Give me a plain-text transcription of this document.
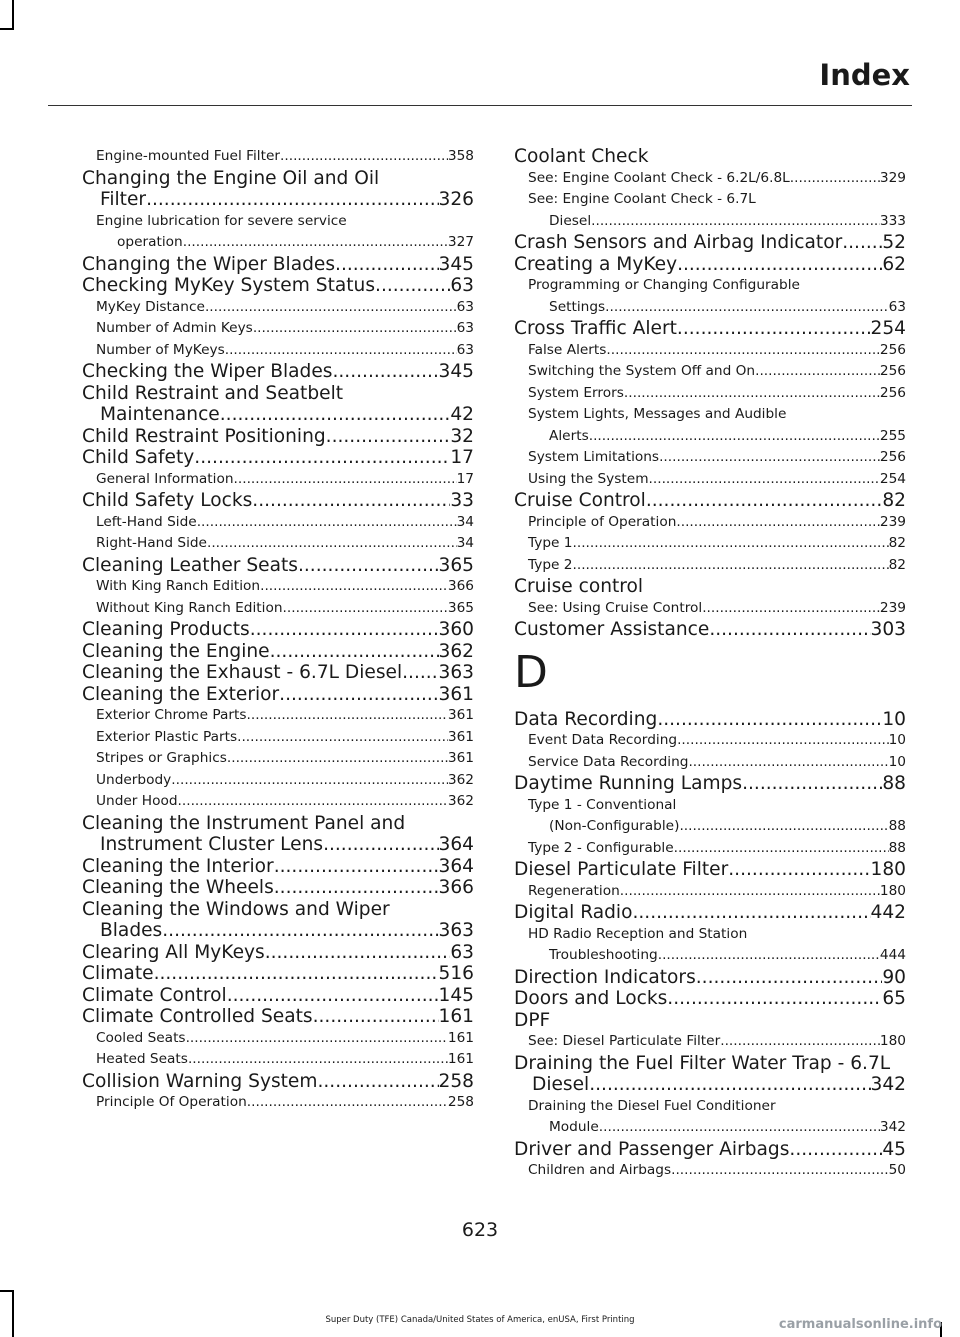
Index
Engine-mounted Fuel Filter .....	358
Changing the Engine Oil and Oil
Filter .....	326
Engine lubrication for severe service
operation .....	327
Changing the Wiper Blades .....	345
Checking MyKey System Status .....	63
MyKey Distance .....	63
Number of Admin Keys .....	63
Number of MyKeys .....	63
Checking the Wiper Blades .....	345
Child Restraint and Seatbelt
Maintenance .....	42
Child Restraint Positioning .....	32
Child Safety .....	17
General Information .....	17
Child Safety Locks .....	33
Left-Hand Side .....	34
Right-Hand Side .....	34
Cleaning Leather Seats .....	365
With King Ranch Edition .....	366
Without King Ranch Edition .....	365
Cleaning Products .....	360
Cleaning the Engine .....	362
Cleaning the Exhaust - 6.7L Diesel ..... 363
Cleaning the Exterior .....	361
Exterior Chrome Parts .....	361
Exterior Plastic Parts .....	361
Stripes or Graphics .....	361
Underbody .....	362
Under Hood .....	362
Cleaning the Instrument Panel and
Instrument Cluster Lens .....	364
Cleaning the Interior .....	364
Cleaning the Wheels .....	366
Cleaning the Windows and Wiper
Blades .....	363
Clearing All MyKeys .....	63
Climate .....	516
Climate Control .....	145
Climate Controlled Seats .....	161
Cooled Seats .....	161
Heated Seats .....	161
Collision Warning System .....	258
Principle Of Operation .....	258
Coolant Check
See: Engine Coolant Check - 6.2L/6.8L .....	329
See: Engine Coolant Check - 6.7L
Diesel .....	333
Crash Sensors and Airbag Indicator ..... 52
Creating a MyKey .....	62
Programming or Changing Configurable
Settings .....	63
Cross Traffic Alert .....	254
False Alerts .....	256
Switching the System Off and On .....	256
System Errors .....	256
System Lights, Messages and Audible
Alerts .....	255
System Limitations .....	256
Using the System .....	254
Cruise Control .....	82
Principle of Operation .....	239
Type 1 .....	82
Type 2 .....	82
Cruise control
See: Using Cruise Control .....	239
Customer Assistance .....	303
D
Data Recording .....	10
Event Data Recording .....	10
Service Data Recording .....	10
Daytime Running Lamps .....	88
Type 1 - Conventional
(Non-Configurable) .....	88
Type 2 - Configurable .....	88
Diesel Particulate Filter .....	180
Regeneration .....	180
Digital Radio .....	442
HD Radio Reception and Station
Troubleshooting .....	444
Direction Indicators .....	90
Doors and Locks .....	65
DPF
See: Diesel Particulate Filter .....	180
Draining the Fuel Filter Water Trap - 6.7L
Diesel .....	342
Draining the Diesel Fuel Conditioner
Module .....	342
Driver and Passenger Airbags .....	45
Children and Airbags .....	50
623
Super Duty (TFE) Canada/United States of America, enUSA, First Printing	carmanualsonline.info
